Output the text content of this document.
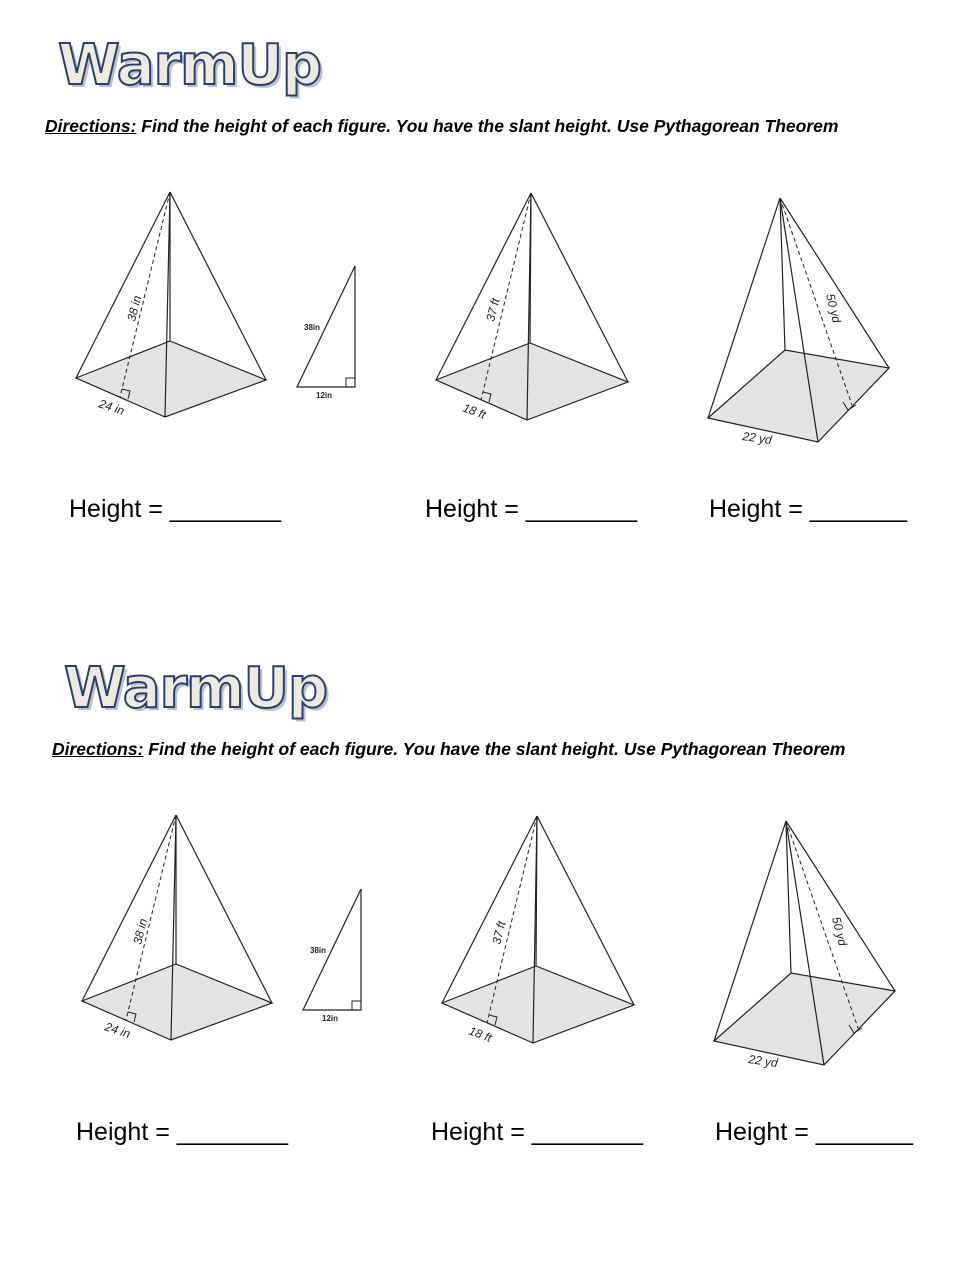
WarmUp
Directions: Find the height of each figure. You have the slant height. Use Pythagorean Theorem
38 in
24 in
38in
12in
37 ft
18 ft
50 yd
22 yd
Height = ________	Height = ________	Height = _______
WarmUp
Directions: Find the height of each figure. You have the slant height. Use Pythagorean Theorem
38 in
24 in
38in
12in
37 ft
18 ft
50 yd
22 yd
Height = ________	Height = ________	Height = _______
